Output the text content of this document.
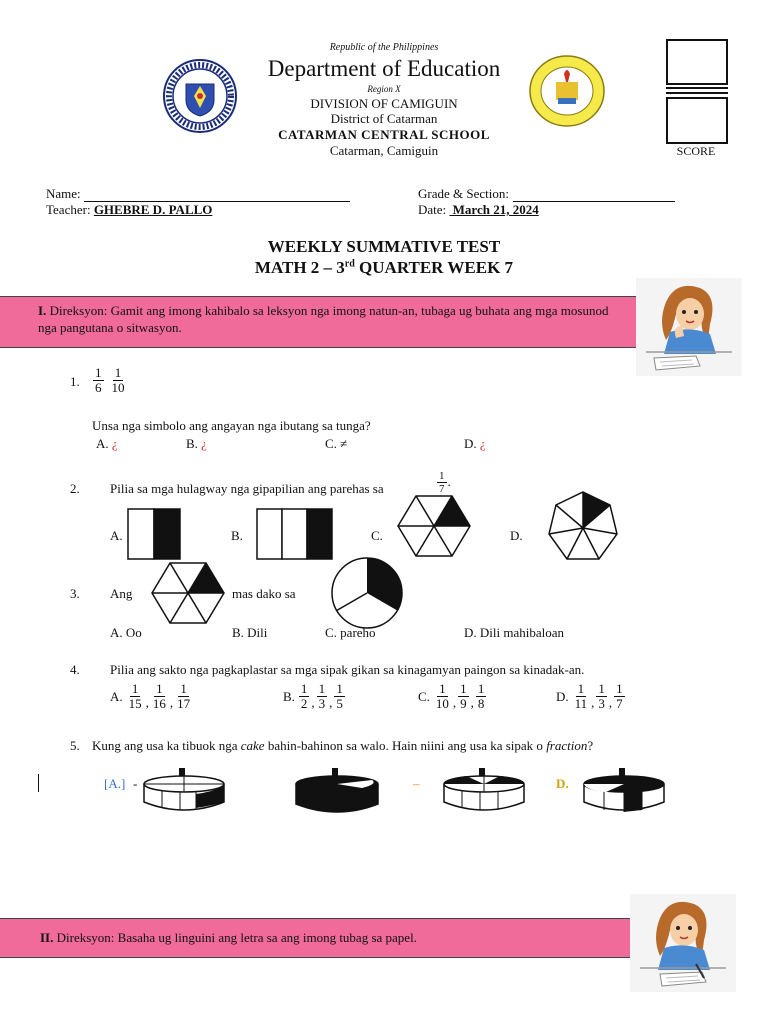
Republic of the Philippines
Department of Education
Region X
DIVISION OF CAMIGUIN
District of Catarman
CATARMAN CENTRAL SCHOOL
Catarman, Camiguin	SCORE
Name:	Grade & Section:
Teacher: GHEBRE D. PALLO	Date:  March 21, 2024
WEEKLY SUMMATIVE TEST
MATH 2 – 3rd QUARTER WEEK 7
I. Direksyon: Gamit ang imong kahibalo sa leksyon nga imong natun-an, tubaga ug buhata ang mga mosunod nga pangutana o sitwasyon.
1. $\frac{1}{6}$
$\frac{1}{10}$
Unsa nga simbolo ang angayan nga ibutang sa tunga?
A. ¿	B. ¿	C. ≠	D. ¿
2. Pilia sa mga hulagway nga gipapilian ang parehas sa	$\frac{1}{7}$ .
A.	B.	C.	D.
3. Ang	mas dako sa
A. Oo	B. Dili	C. pareho	D. Dili mahibaloan
4. Pilia ang sakto nga pagkaplastar sa mga sipak gikan sa kinagamyan paingon sa kinadak-an.
A. $\frac{1}{15}$ , $\frac{1}{16}$ , $\frac{1}{17}$	B. $\frac{1}{2}$ , $\frac{1}{3}$ , $\frac{1}{5}$	C. $\frac{1}{10}$ , $\frac{1}{9}$ , $\frac{1}{8}$	D. $\frac{1}{11}$ , $\frac{1}{3}$ , $\frac{1}{7}$
5. Kung ang usa ka tibuok nga cake bahin-bahinon sa walo. Hain niini ang usa ka sipak o fraction?
[A.] -	–	D.
II. Direksyon: Basaha ug linguini ang letra sa ang imong tubag sa papel.
